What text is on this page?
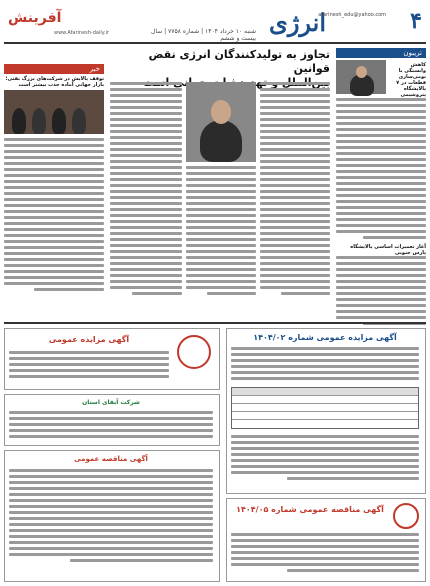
۴
انرژی
شنبه ۱۰ خرداد ۱۴۰۴ | شماره ۷۷۵۸ | سال بیست و ششم
afarinesh_edu@yahoo.com
آفرینش
www.Afarinesh-daily.ir
تریبون
کاهش وابستگی با بومی‌سازی قطعات در ۷ پالایشگاه پتروشیمی
آغاز تعمیرات اساسی پالایشگاه پارس جنوبی
تجاوز به تولیدکنندگان انرژی نقض قوانین
خبر
توقف پالایش در شرکت‌های بزرگ نفتی؛ بازار جهانی آماده جذب بیشتر است
آگهی مزایده عمومی شماره ۱۴۰۴/۰۲
آگهی مزایده عمومی
شرکت آبفای استان
آگهی مناقصه عمومی شماره ۱۴۰۴/۰۵
آگهی مناقصه عمومی
